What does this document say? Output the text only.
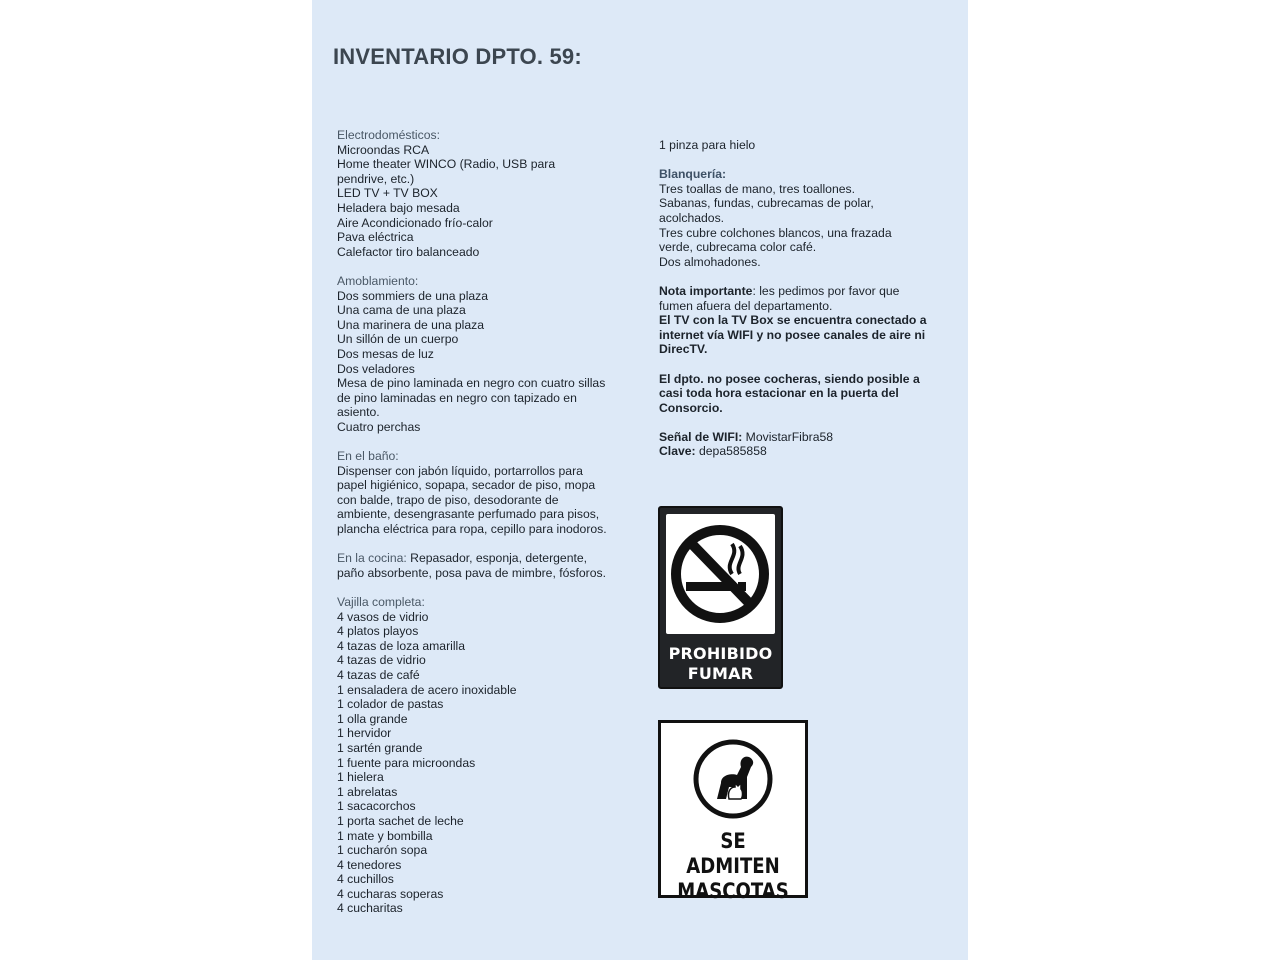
INVENTARIO DPTO. 59:
Electrodomésticos:
Microondas RCA
Home theater WINCO (Radio, USB para
pendrive, etc.)
LED TV + TV BOX
Heladera bajo mesada
Aire Acondicionado frío-calor
Pava eléctrica
Calefactor tiro balanceado
Amoblamiento:
Dos sommiers de una plaza
Una cama de una plaza
Una marinera de una plaza
Un sillón de un cuerpo
Dos mesas de luz
Dos veladores
Mesa de pino laminada en negro con cuatro sillas
de pino laminadas en negro con tapizado en
asiento.
Cuatro perchas
En el baño:
Dispenser con jabón líquido, portarrollos para
papel higiénico, sopapa, secador de piso, mopa
con balde, trapo de piso, desodorante de
ambiente, desengrasante perfumado para pisos,
plancha eléctrica para ropa, cepillo para inodoros.
En la cocina: Repasador, esponja, detergente,
paño absorbente, posa pava de mimbre, fósforos.
Vajilla completa:
4 vasos de vidrio
4 platos playos
4 tazas de loza amarilla
4 tazas de vidrio
4 tazas de café
1 ensaladera de acero inoxidable
1 colador de pastas
1 olla grande
1 hervidor
1 sartén grande
1 fuente para microondas
1 hielera
1 abrelatas
1 sacacorchos
1 porta sachet de leche
1 mate y bombilla
1 cucharón sopa
4 tenedores
4 cuchillos
4 cucharas soperas
4 cucharitas
1 pinza para hielo
Blanquería:
Tres toallas de mano, tres toallones.
Sabanas, fundas, cubrecamas de polar,
acolchados.
Tres cubre colchones blancos, una frazada
verde, cubrecama color café.
Dos almohadones.
Nota importante: les pedimos por favor que
fumen afuera del departamento.
El TV con la TV Box se encuentra conectado a
internet vía WIFI y no posee canales de aire ni
DirecTV.
El dpto. no posee cocheras, siendo posible a
casi toda hora estacionar en la puerta del
Consorcio.
Señal de WIFI: MovistarFibra58
Clave: depa585858
PROHIBIDO
FUMAR
SE ADMITEN
MASCOTAS
